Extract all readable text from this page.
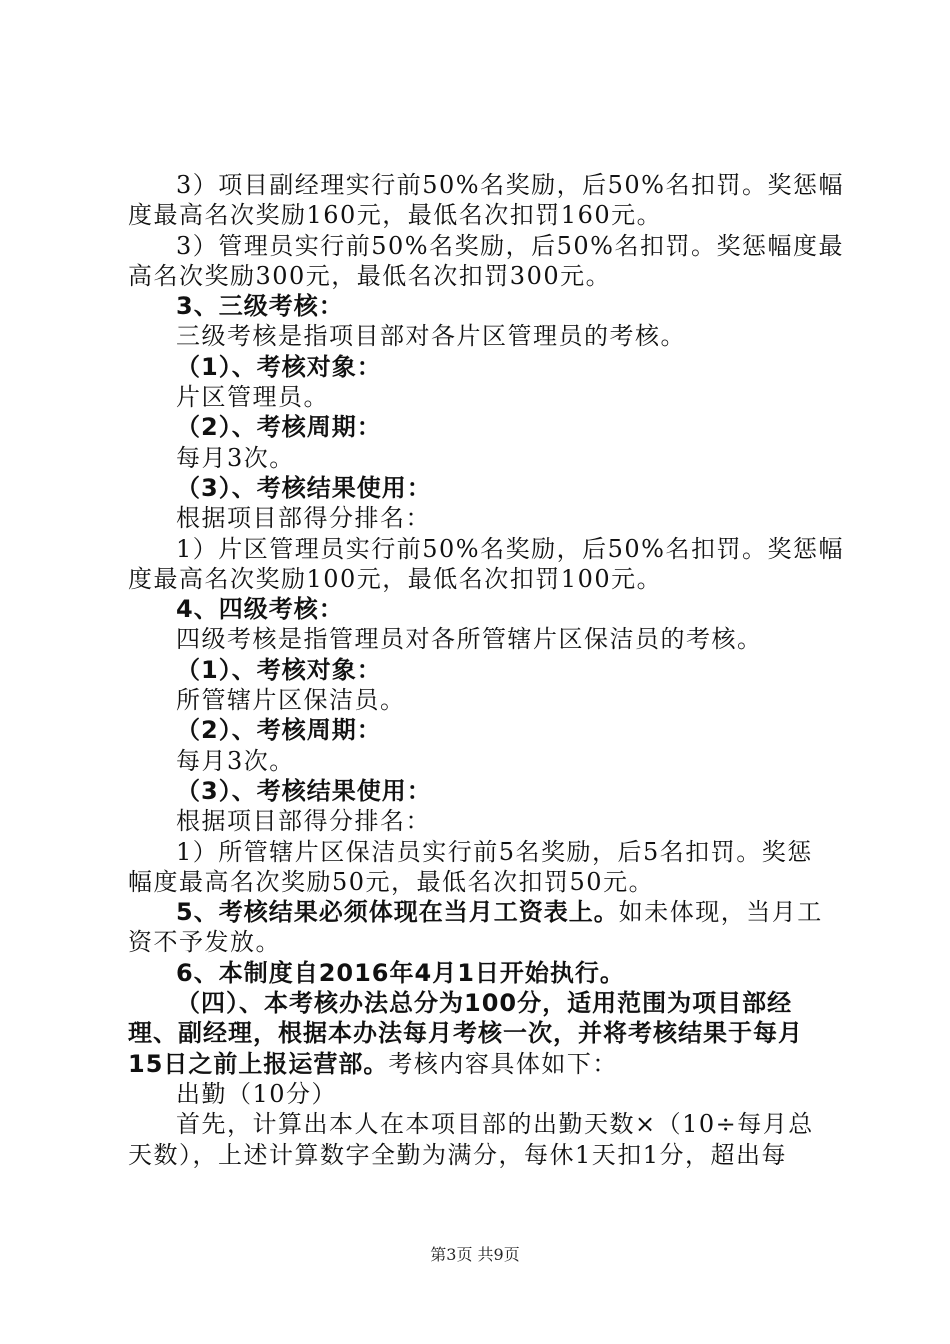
3）项目副经理实行前50%名奖励，后50%名扣罚。奖惩幅
度最高名次奖励160元，最低名次扣罚160元。
3）管理员实行前50%名奖励，后50%名扣罚。奖惩幅度最
高名次奖励300元，最低名次扣罚300元。
3、三级考核：
三级考核是指项目部对各片区管理员的考核。
（1）、考核对象：
片区管理员。
（2）、考核周期：
每月3次。
（3）、考核结果使用：
根据项目部得分排名：
1）片区管理员实行前50%名奖励，后50%名扣罚。奖惩幅
度最高名次奖励100元，最低名次扣罚100元。
4、四级考核：
四级考核是指管理员对各所管辖片区保洁员的考核。
（1）、考核对象：
所管辖片区保洁员。
（2）、考核周期：
每月3次。
（3）、考核结果使用：
根据项目部得分排名：
1）所管辖片区保洁员实行前5名奖励，后5名扣罚。奖惩
幅度最高名次奖励50元，最低名次扣罚50元。
5、考核结果必须体现在当月工资表上。如未体现，当月工
资不予发放。
6、本制度自2016年4月1日开始执行。
（四）、本考核办法总分为100分，适用范围为项目部经
理、副经理，根据本办法每月考核一次，并将考核结果于每月
15日之前上报运营部。考核内容具体如下：
出勤（10分）
首先，计算出本人在本项目部的出勤天数×（10÷每月总
天数），上述计算数字全勤为满分，每休1天扣1分，超出每
第3页 共9页
